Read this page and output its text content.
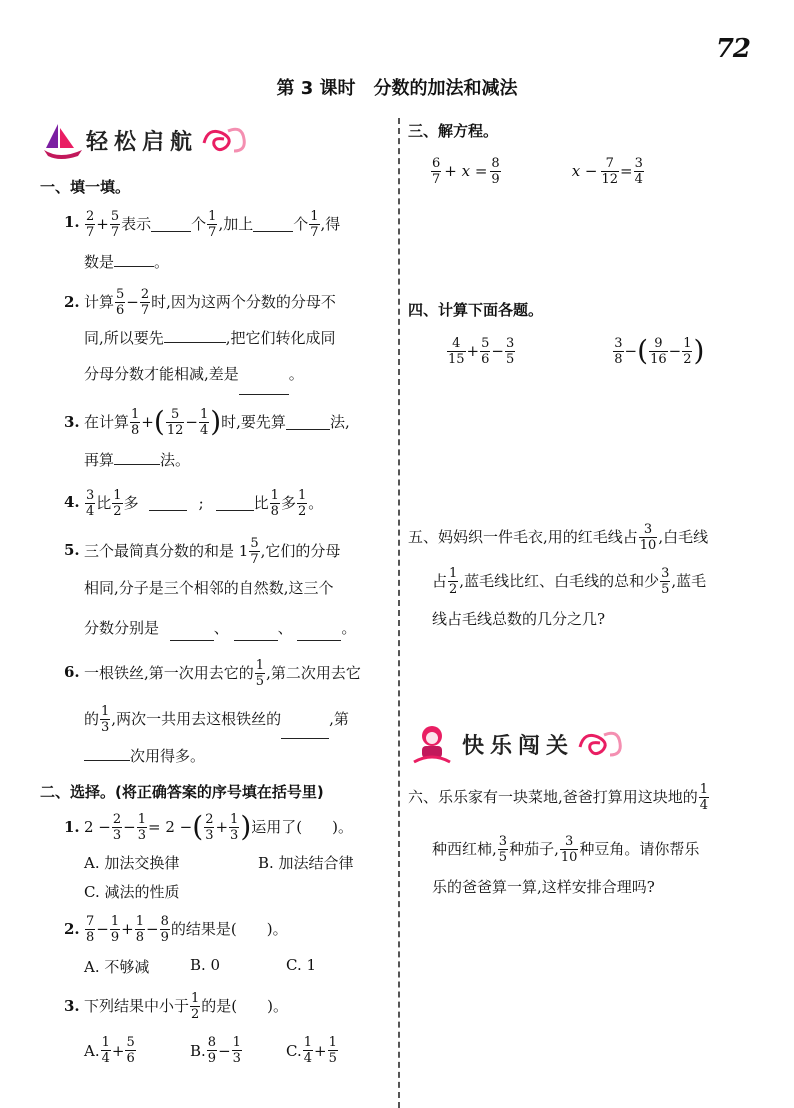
72
第 3 课时　分数的加法和减法
轻松启航
一、填一填。
1. $\frac{2}{7} + \frac{5}{7}$ 表示	个 $\frac{1}{7}$ ,加上	个 $\frac{1}{7}$ ,得
数是	。
2. 计算 $\frac{5}{6} - \frac{2}{7}$ 时,因为这两个分数的分母不
同,所以要先	,把它们转化成同
分母分数才能相减,差是	。
3. 在计算 $\frac{1}{8}$ + ( $\frac{5}{12} - \frac{1}{4}$ ) 时,要先算	法,
再算	法。
4. $\frac{3}{4}$ 比 $\frac{1}{2}$ 多	;	比 $\frac{1}{8}$ 多 $\frac{1}{2}$ 。
5. 三个最简真分数的和是 $1 \frac{5}{7}$ ,它们的分母
相同,分子是三个相邻的自然数,这三个
分数分别是	、	、	。
6. 一根铁丝,第一次用去它的 $\frac{1}{5}$ ,第二次用去它
的 $\frac{1}{3}$ ,两次一共用去这根铁丝的	,第
次用得多。
二、选择。(将正确答案的序号填在括号里)
1. $2 - \frac{2}{3} - \frac{1}{3} = 2$ − ( $\frac{2}{3} + \frac{1}{3}$ ) 运用了(　　)。
A. 加法交换律	B. 加法结合律
C. 减法的性质
2. $\frac{7}{8} - \frac{1}{9} + \frac{1}{8} - \frac{8}{9}$ 的结果是(　　)。
A. 不够减	B. 0	C. 1
3. 下列结果中小于 $\frac{1}{2}$ 的是(　　)。
A. $\frac{1}{4} + \frac{5}{6}$	B. $\frac{8}{9} - \frac{1}{3}$	C. $\frac{1}{4} + \frac{1}{5}$
三、解方程。
$\frac{6}{7} + x = \frac{8}{9}$	$x - \frac{7}{12} = \frac{3}{4}$
四、计算下面各题。
$\frac{4}{15} + \frac{5}{6} - \frac{3}{5}$	$\frac{3}{8}$ − ( $\frac{9}{16} - \frac{1}{2}$ )
五、妈妈织一件毛衣,用的红毛线占 $\frac{3}{10}$ ,白毛线
占 $\frac{1}{2}$ ,蓝毛线比红、白毛线的总和少 $\frac{3}{5}$ ,蓝毛
线占毛线总数的几分之几?
快乐闯关
六、乐乐家有一块菜地,爸爸打算用这块地的 $\frac{1}{4}$
种西红柿, $\frac{3}{5}$ 种茄子, $\frac{3}{10}$ 种豆角。请你帮乐
乐的爸爸算一算,这样安排合理吗?
